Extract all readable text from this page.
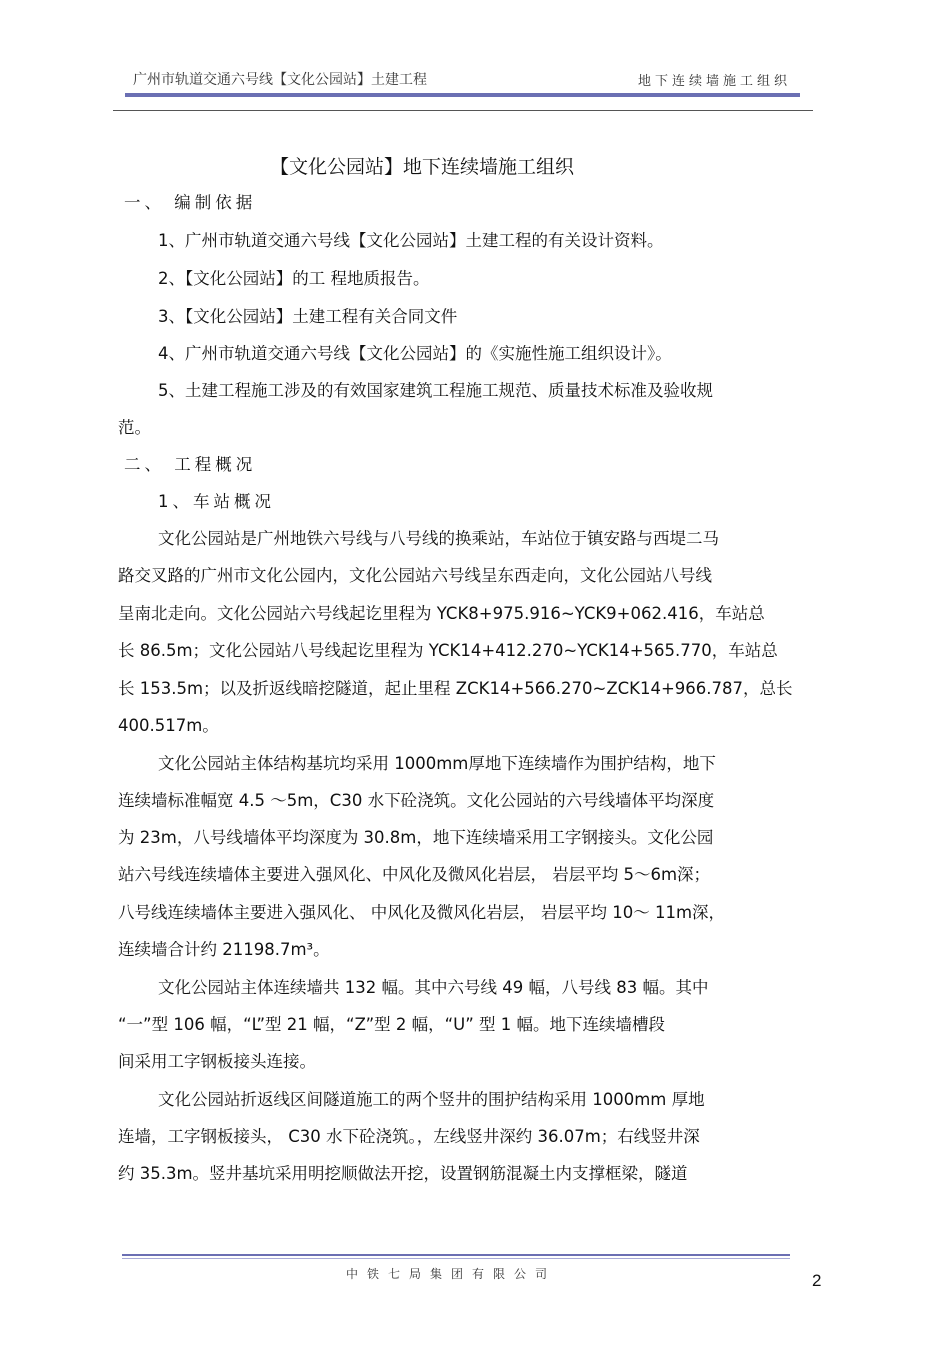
广州市轨道交通六号线【文化公园站】土建工程	地下连续墙施工组织
【文化公园站】地下连续墙施工组织
一、 编制依据
1、广州市轨道交通六号线【文化公园站】土建工程的有关设计资料。
2、【文化公园站】的工 程地质报告。
3、【文化公园站】土建工程有关合同文件
4、广州市轨道交通六号线【文化公园站】的《实施性施工组织设计》。
5、土建工程施工涉及的有效国家建筑工程施工规范、质量技术标准及验收规
范。
二、 工程概况
1、车站概况
文化公园站是广州地铁六号线与八号线的换乘站，车站位于镇安路与西堤二马
路交叉路的广州市文化公园内，文化公园站六号线呈东西走向，文化公园站八号线
呈南北走向。文化公园站六号线起讫里程为 YCK8+975.916~YCK9+062.416，车站总
长 86.5m；文化公园站八号线起讫里程为 YCK14+412.270~YCK14+565.770，车站总
长 153.5m；以及折返线暗挖隧道，起止里程 ZCK14+566.270~ZCK14+966.787，总长
400.517m。
文化公园站主体结构基坑均采用 1000mm厚地下连续墙作为围护结构，地下
连续墙标准幅宽 4.5 ～5m，C30 水下砼浇筑。文化公园站的六号线墙体平均深度
为 23m，八号线墙体平均深度为 30.8m，地下连续墙采用工字钢接头。文化公园
站六号线连续墙体主要进入强风化、中风化及微风化岩层， 岩层平均 5～6m深；
八号线连续墙体主要进入强风化、 中风化及微风化岩层， 岩层平均 10～ 11m深，
连续墙合计约 21198.7m³。
文化公园站主体连续墙共 132 幅。其中六号线 49 幅，八号线 83 幅。其中
“一”型 106 幅，“L”型 21 幅，“Z”型 2 幅，“U” 型 1 幅。地下连续墙槽段
间采用工字钢板接头连接。
文化公园站折返线区间隧道施工的两个竖井的围护结构采用 1000mm 厚地
连墙，工字钢板接头， C30 水下砼浇筑。，左线竖井深约 36.07m；右线竖井深
约 35.3m。竖井基坑采用明挖顺做法开挖，设置钢筋混凝土内支撑框梁，隧道
中铁七局集团有限公司	2
